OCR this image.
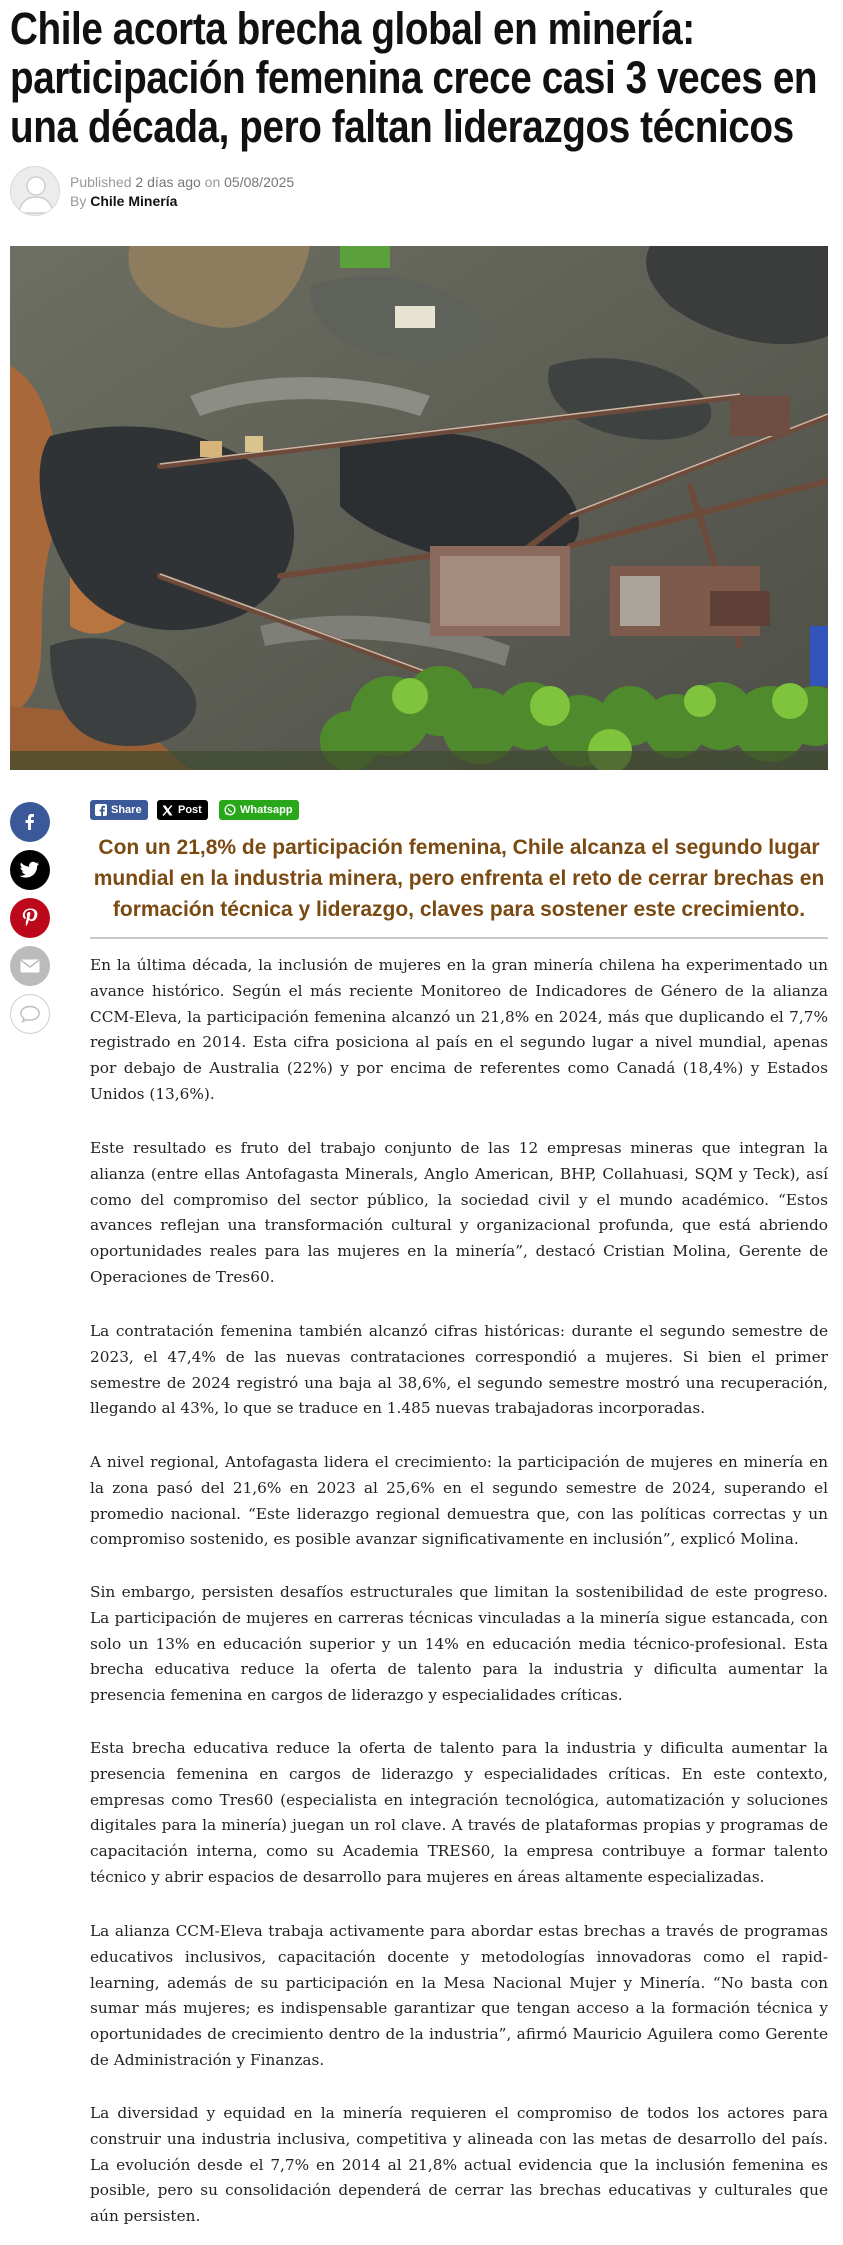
Chile acorta brecha global en minería: participación femenina crece casi 3 veces en una década, pero faltan liderazgos técnicos
Published 2 días ago on 05/08/2025
By Chile Minería
Share	Post	Whatsapp

Con un 21,8% de participación femenina, Chile alcanza el segundo lugar mundial en la industria minera, pero enfrenta el reto de cerrar brechas en formación técnica y liderazgo, claves para sostener este crecimiento.

En la última década, la inclusión de mujeres en la gran minería chilena ha experimentado un avance histórico. Según el más reciente Monitoreo de Indicadores de Género de la alianza CCM-Eleva, la participación femenina alcanzó un 21,8% en 2024, más que duplicando el 7,7% registrado en 2014. Esta cifra posiciona al país en el segundo lugar a nivel mundial, apenas por debajo de Australia (22%) y por encima de referentes como Canadá (18,4%) y Estados Unidos (13,6%).

Este resultado es fruto del trabajo conjunto de las 12 empresas mineras que integran la alianza (entre ellas Antofagasta Minerals, Anglo American, BHP, Collahuasi, SQM y Teck), así como del compromiso del sector público, la sociedad civil y el mundo académico. “Estos avances reflejan una transformación cultural y organizacional profunda, que está abriendo oportunidades reales para las mujeres en la minería”, destacó Cristian Molina, Gerente de Operaciones de Tres60.

La contratación femenina también alcanzó cifras históricas: durante el segundo semestre de 2023, el 47,4% de las nuevas contrataciones correspondió a mujeres. Si bien el primer semestre de 2024 registró una baja al 38,6%, el segundo semestre mostró una recuperación, llegando al 43%, lo que se traduce en 1.485 nuevas trabajadoras incorporadas.

A nivel regional, Antofagasta lidera el crecimiento: la participación de mujeres en minería en la zona pasó del 21,6% en 2023 al 25,6% en el segundo semestre de 2024, superando el promedio nacional. “Este liderazgo regional demuestra que, con las políticas correctas y un compromiso sostenido, es posible avanzar significativamente en inclusión”, explicó Molina.

Sin embargo, persisten desafíos estructurales que limitan la sostenibilidad de este progreso. La participación de mujeres en carreras técnicas vinculadas a la minería sigue estancada, con solo un 13% en educación superior y un 14% en educación media técnico-profesional. Esta brecha educativa reduce la oferta de talento para la industria y dificulta aumentar la presencia femenina en cargos de liderazgo y especialidades críticas.

Esta brecha educativa reduce la oferta de talento para la industria y dificulta aumentar la presencia femenina en cargos de liderazgo y especialidades críticas. En este contexto, empresas como Tres60 (especialista en integración tecnológica, automatización y soluciones digitales para la minería) juegan un rol clave. A través de plataformas propias y programas de capacitación interna, como su Academia TRES60, la empresa contribuye a formar talento técnico y abrir espacios de desarrollo para mujeres en áreas altamente especializadas.

La alianza CCM-Eleva trabaja activamente para abordar estas brechas a través de programas educativos inclusivos, capacitación docente y metodologías innovadoras como el rapid-learning, además de su participación en la Mesa Nacional Mujer y Minería. “No basta con sumar más mujeres; es indispensable garantizar que tengan acceso a la formación técnica y oportunidades de crecimiento dentro de la industria”, afirmó Mauricio Aguilera como Gerente de Administración y Finanzas.

La diversidad y equidad en la minería requieren el compromiso de todos los actores para construir una industria inclusiva, competitiva y alineada con las metas de desarrollo del país. La evolución desde el 7,7% en 2014 al 21,8% actual evidencia que la inclusión femenina es posible, pero su consolidación dependerá de cerrar las brechas educativas y culturales que aún persisten.
